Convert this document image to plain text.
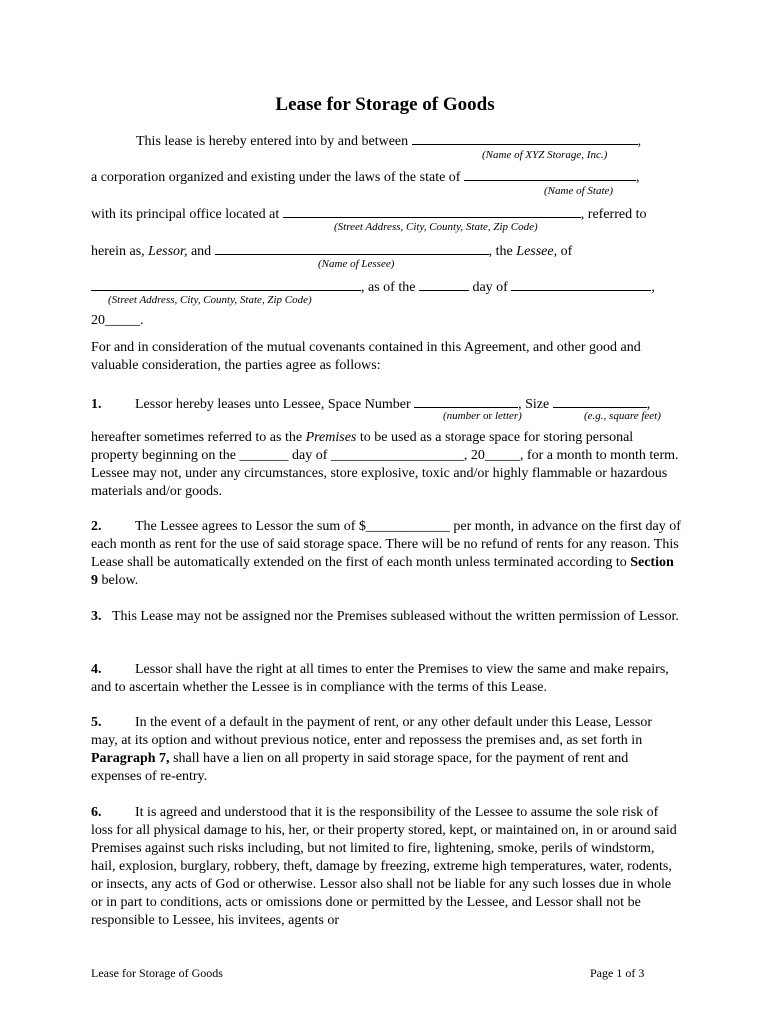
Lease for Storage of Goods
This lease is hereby entered into by and between	,
(Name of XYZ Storage, Inc.)
a corporation organized and existing under the laws of the state of	,
(Name of State)
with its principal office located at	, referred to
(Street Address, City, County, State, Zip Code)
herein as, Lessor, and	, the Lessee, of
(Name of Lessee)
, as of the	day of	,
(Street Address, City, County, State, Zip Code)
20_____.
For and in consideration of the mutual covenants contained in this Agreement, and other good and valuable consideration, the parties agree as follows:
1. Lessor hereby leases unto Lessee, Space Number	, Size	,
(number or letter)	(e.g., square feet)
hereafter sometimes referred to as the Premises to be used as a storage space for storing personal property beginning on the _______ day of ___________________, 20_____, for a month to month term. Lessee may not, under any circumstances, store explosive, toxic and/or highly flammable or hazardous materials and/or goods.
2. The Lessee agrees to Lessor the sum of $____________ per month, in advance on the first day of each month as rent for the use of said storage space. There will be no refund of rents for any reason. This Lease shall be automatically extended on the first of each month unless terminated according to Section 9 below.
3. This Lease may not be assigned nor the Premises subleased without the written permission of Lessor.
4. Lessor shall have the right at all times to enter the Premises to view the same and make repairs, and to ascertain whether the Lessee is in compliance with the terms of this Lease.
5. In the event of a default in the payment of rent, or any other default under this Lease, Lessor may, at its option and without previous notice, enter and repossess the premises and, as set forth in Paragraph 7, shall have a lien on all property in said storage space, for the payment of rent and expenses of re-entry.
6. It is agreed and understood that it is the responsibility of the Lessee to assume the sole risk of loss for all physical damage to his, her, or their property stored, kept, or maintained on, in or around said Premises against such risks including, but not limited to fire, lightening, smoke, perils of windstorm, hail, explosion, burglary, robbery, theft, damage by freezing, extreme high temperatures, water, rodents, or insects, any acts of God or otherwise. Lessor also shall not be liable for any such losses due in whole or in part to conditions, acts or omissions done or permitted by the Lessee, and Lessor shall not be responsible to Lessee, his invitees, agents or
Lease for Storage of Goods	Page 1 of 3
